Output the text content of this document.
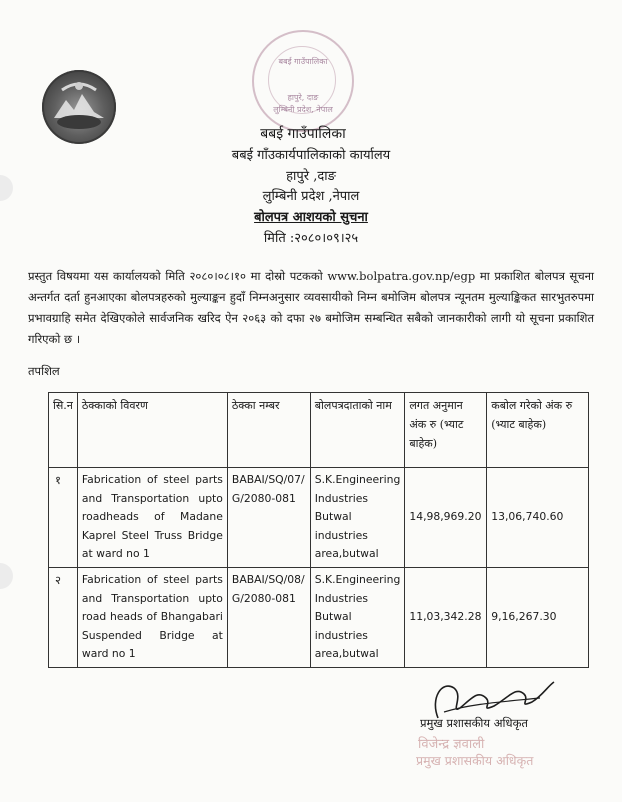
बबई गाउँपालिका
हापुरे, दाङ
लुम्बिनी प्रदेश, नेपाल
बबई गाउँपालिका
बबई गाँउकार्यपालिकाको कार्यालय
हापुरे ,दाङ
लुम्बिनी प्रदेश ,नेपाल
बोलपत्र आशयको सुचना
मिति :२०८०।०९।२५
प्रस्तुत विषयमा यस कार्यालयको मिति २०८०।०८।१० मा दोस्रो पटकको www.bolpatra.gov.np/egp मा प्रकाशित बोलपत्र सूचना अन्तर्गत दर्ता हुनआएका बोलपत्रहरुको मुल्याङ्कन हुदाँ निम्नअनुसार व्यवसायीको निम्न बमोजिम बोलपत्र न्यूनतम मुल्याङ्किकत सारभुतरुपमा प्रभावग्राहि समेत देखिएकोले सार्वजनिक खरिद ऐन २०६३ को दफा २७ बमोजिम सम्बन्धित सबैको जानकारीको लागी यो सूचना प्रकाशित गरिएको छ ।
तपशिल
सि.न	ठेक्काको विवरण	ठेक्का नम्बर	बोलपत्रदाताको नाम	लगत अनुमान अंक रु (भ्याट बाहेक)	कबोल गरेको अंक रु (भ्याट बाहेक)
१	Fabrication of steel parts and Transportation upto roadheads of Madane Kaprel Steel Truss Bridge at ward no 1	BABAI/SQ/07/G/2080-081	S.K.Engineering Industries Butwal industries area,butwal	14,98,969.20	13,06,740.60
२	Fabrication of steel parts and Transportation upto road heads of Bhangabari Suspended Bridge at ward no 1	BABAI/SQ/08/G/2080-081	S.K.Engineering Industries Butwal industries area,butwal	11,03,342.28	9,16,267.30
प्रमुख प्रशासकीय अधिकृत
विजेन्द्र ज्ञवाली
प्रमुख प्रशासकीय अधिकृत
